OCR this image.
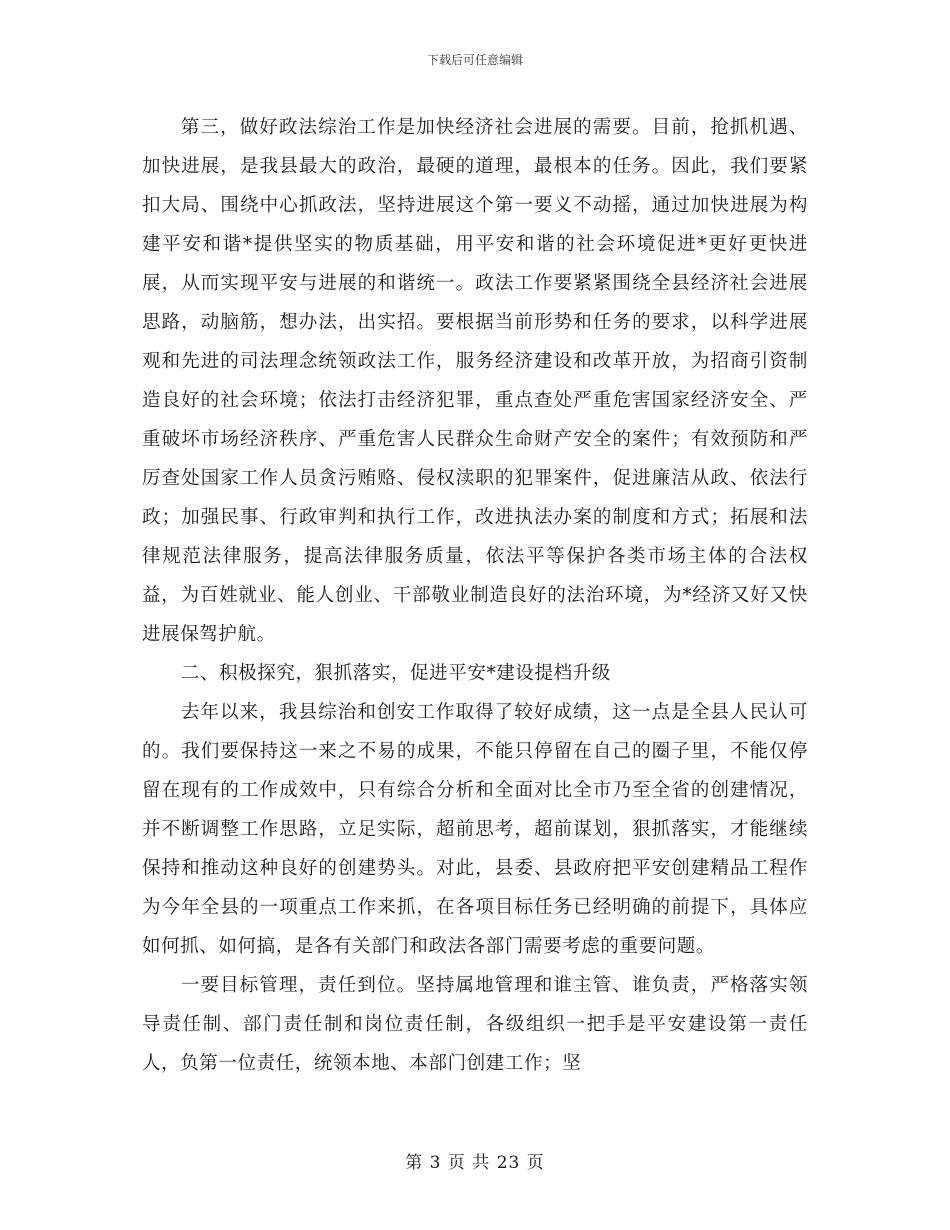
下载后可任意编辑

第三，做好政法综治工作是加快经济社会进展的需要。目前，抢抓机遇、加快进展，是我县最大的政治，最硬的道理，最根本的任务。因此，我们要紧扣大局、围绕中心抓政法，坚持进展这个第一要义不动摇，通过加快进展为构建平安和谐*提供坚实的物质基础，用平安和谐的社会环境促进*更好更快进展，从而实现平安与进展的和谐统一。政法工作要紧紧围绕全县经济社会进展思路，动脑筋，想办法，出实招。要根据当前形势和任务的要求，以科学进展观和先进的司法理念统领政法工作，服务经济建设和改革开放，为招商引资制造良好的社会环境；依法打击经济犯罪，重点查处严重危害国家经济安全、严重破坏市场经济秩序、严重危害人民群众生命财产安全的案件；有效预防和严厉查处国家工作人员贪污贿赂、侵权渎职的犯罪案件，促进廉洁从政、依法行政；加强民事、行政审判和执行工作，改进执法办案的制度和方式；拓展和法律规范法律服务，提高法律服务质量，依法平等保护各类市场主体的合法权益，为百姓就业、能人创业、干部敬业制造良好的法治环境，为*经济又好又快进展保驾护航。

二、积极探究，狠抓落实，促进平安*建设提档升级

去年以来，我县综治和创安工作取得了较好成绩，这一点是全县人民认可的。我们要保持这一来之不易的成果，不能只停留在自己的圈子里，不能仅停留在现有的工作成效中，只有综合分析和全面对比全市乃至全省的创建情况，并不断调整工作思路，立足实际，超前思考，超前谋划，狠抓落实，才能继续保持和推动这种良好的创建势头。对此，县委、县政府把平安创建精品工程作为今年全县的一项重点工作来抓，在各项目标任务已经明确的前提下，具体应如何抓、如何搞，是各有关部门和政法各部门需要考虑的重要问题。

一要目标管理，责任到位。坚持属地管理和谁主管、谁负责，严格落实领导责任制、部门责任制和岗位责任制，各级组织一把手是平安建设第一责任人，负第一位责任，统领本地、本部门创建工作；坚

第 3 页 共 23 页
